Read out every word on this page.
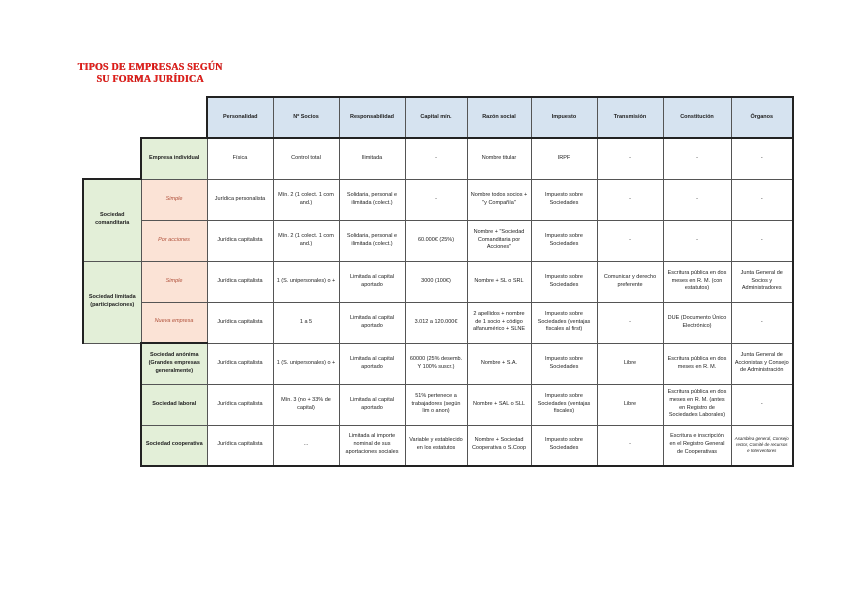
TIPOS DE EMPRESAS SEGÚN
SU FORMA JURÍDICA
		Personalidad	Nº Socios	Responsabilidad	Capital mín.	Razón social	Impuesto	Transmisión	Constitución	Órganos
	Empresa individual	Física	Control total	Ilimitada	-	Nombre titular	IRPF	-	-	-
Sociedad comanditaria	Simple	Jurídica personalista	Mín. 2 (1 colect. 1 com and.)	Solidaria, personal e ilimitada (colect.)	-	Nombre todos socios + "y Compañía"	Impuesto sobre Sociedades	-	-	-
	Por acciones	Jurídica capitalista	Mín. 2 (1 colect. 1 com and.)	Solidaria, personal e ilimitada (colect.)	60.000€ (25%)	Nombre + "Sociedad Comanditaria por Acciones"	Impuesto sobre Sociedades	-	-	-
Sociedad limitada (participaciones)	Simple	Jurídica capitalista	1 (S. unipersonales) o +	Limitada al capital aportado	3000 (100€)	Nombre + SL o SRL	Impuesto sobre Sociedades	Comunicar y derecho preferente	Escritura pública en dos meses en R. M. (con estatutos)	Junta General de Socios y Administradores
	Nueva empresa	Jurídica capitalista	1 a 5	Limitada al capital aportado	3.012 a 120.000€	2 apellidos + nombre de 1 socio + código alfanumérico + SLNE	Impuesto sobre Sociedades (ventajas fiscales al first)	-	DUE (Documento Único Electrónico)	-
	Sociedad anónima (Grandes empresas generalmente)	Jurídica capitalista	1 (S. unipersonales) o +	Limitada al capital aportado	60000 (25% desemb. Y 100% suscr.)	Nombre + S.A.	Impuesto sobre Sociedades	Libre	Escritura pública en dos meses en R. M.	Junta General de Accionistas y Consejo de Administración
	Sociedad laboral	Jurídica capitalista	Mín. 3 (no + 33% de capital)	Limitada al capital aportado	51% pertenece a trabajadores (según lim o anon)	Nombre + SAL o SLL	Impuesto sobre Sociedades (ventajas fiscales)	Libre	Escritura pública en dos meses en R. M. (antes en Registro de Sociedades Laborales)	-
	Sociedad cooperativa	Jurídica capitalista	...	Limitada al importe nominal de sus aportaciones sociales	Variable y establecido en los estatutos	Nombre + Sociedad Cooperativa o S.Coop	Impuesto sobre Sociedades	-	Escritura e inscripción en el Registro General de Cooperativas	Asamblea general, Consejo rector, Comité de recursos e Interventores
